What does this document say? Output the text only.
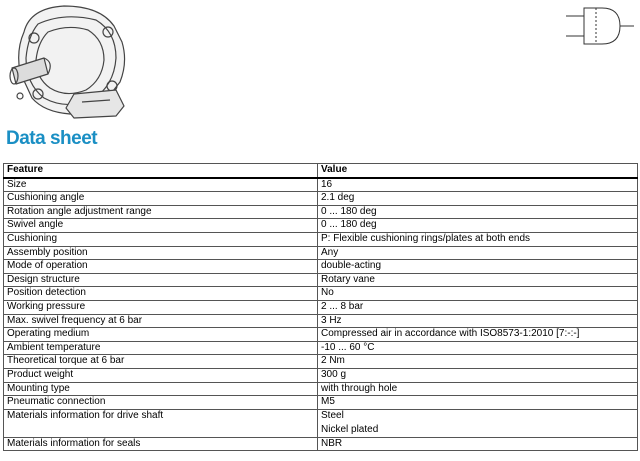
Data sheet
Feature	Value
Size	16

Cushioning angle	2.1 deg

Rotation angle adjustment range	0 ... 180 deg

Swivel angle	0 ... 180 deg

Cushioning	P: Flexible cushioning rings/plates at both ends

Assembly position	Any

Mode of operation	double-acting

Design structure	Rotary vane

Position detection	No

Working pressure	2 ... 8 bar

Max. swivel frequency at 6 bar	3 Hz

Operating medium	Compressed air in accordance with ISO8573-1:2010 [7:-:-]

Ambient temperature	-10 ... 60 °C

Theoretical torque at 6 bar	2 Nm

Product weight	300 g

Mounting type	with through hole

Pneumatic connection	M5

Materials information for drive shaft	Steel
Nickel plated

Materials information for seals	NBR
